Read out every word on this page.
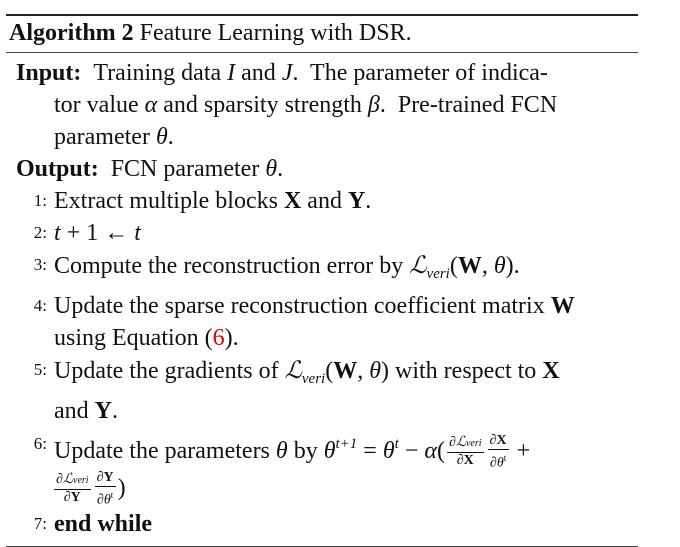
Algorithm 2 Feature Learning with DSR.
Input:  Training data I and J.  The parameter of indica-
tor value α and sparsity strength β.  Pre-trained FCN
parameter θ.
Output:  FCN parameter θ.
1: Extract multiple blocks X and Y.
2: t + 1 ← t
3: Compute the reconstruction error by ℒ$_{veri}$(W, θ).
4: Update the sparse reconstruction coefficient matrix W
using Equation (6).
5: Update the gradients of ℒ$_{veri}$(W, θ) with respect to X
and Y.
6: Update the parameters θ by $\theta^{t+1} = \theta^t - \alpha( \frac{\text{∂ℒveri}}{\partial X} \frac{\partial X}{\partial\theta^t}$ +

$\frac{\text{∂ℒveri}}{\partial Y} \frac{\partial Y}{\partial\theta^t}$ )
7: end while
